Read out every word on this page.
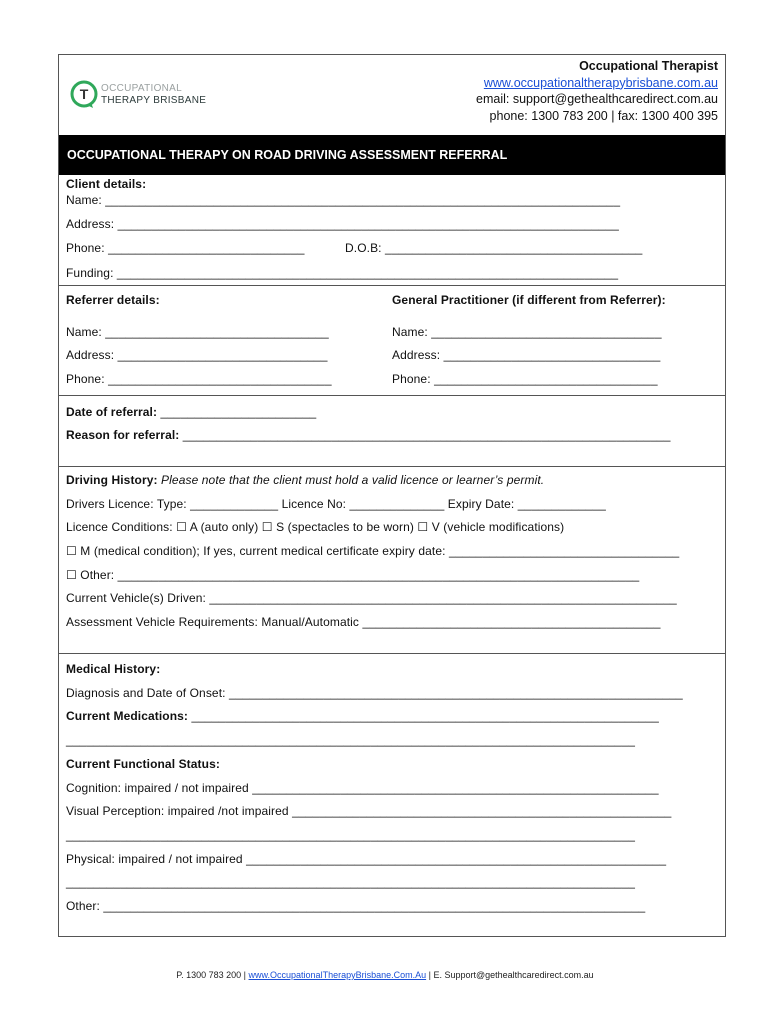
T OCCUPATIONAL
THERAPY BRISBANE
Occupational Therapist
www.occupationaltherapybrisbane.com.au
email: support@gethealthcaredirect.com.au
phone: 1300 783 200 | fax: 1300 400 395
OCCUPATIONAL THERAPY ON ROAD DRIVING ASSESSMENT REFERRAL
Client details:
Name: ____________________________________________________________________________
Address: __________________________________________________________________________
Phone: _____________________________	D.O.B: ______________________________________
Funding: __________________________________________________________________________
Referrer details:
Name: _________________________________
Address: _______________________________
Phone: _________________________________
General Practitioner (if different from Referrer):
Name: __________________________________
Address: ________________________________
Phone: _________________________________
Date of referral: _______________________
Reason for referral: ________________________________________________________________________
Driving History: Please note that the client must hold a valid licence or learner’s permit.
Drivers Licence: Type: _____________ Licence No: ______________ Expiry Date: _____________
Licence Conditions: ☐ A (auto only) ☐ S (spectacles to be worn) ☐ V (vehicle modifications)
☐ M (medical condition); If yes, current medical certificate expiry date: __________________________________
☐ Other: _____________________________________________________________________________
Current Vehicle(s) Driven: _____________________________________________________________________
Assessment Vehicle Requirements: Manual/Automatic ____________________________________________
Medical History:
Diagnosis and Date of Onset: ___________________________________________________________________
Current Medications: _____________________________________________________________________
____________________________________________________________________________________
Current Functional Status:
Cognition: impaired / not impaired ____________________________________________________________
Visual Perception: impaired /not impaired ________________________________________________________
____________________________________________________________________________________
Physical: impaired / not impaired ______________________________________________________________
____________________________________________________________________________________
Other: ________________________________________________________________________________
P. 1300 783 200 | www.OccupationalTherapyBrisbane.Com.Au | E. Support@gethealthcaredirect.com.au
